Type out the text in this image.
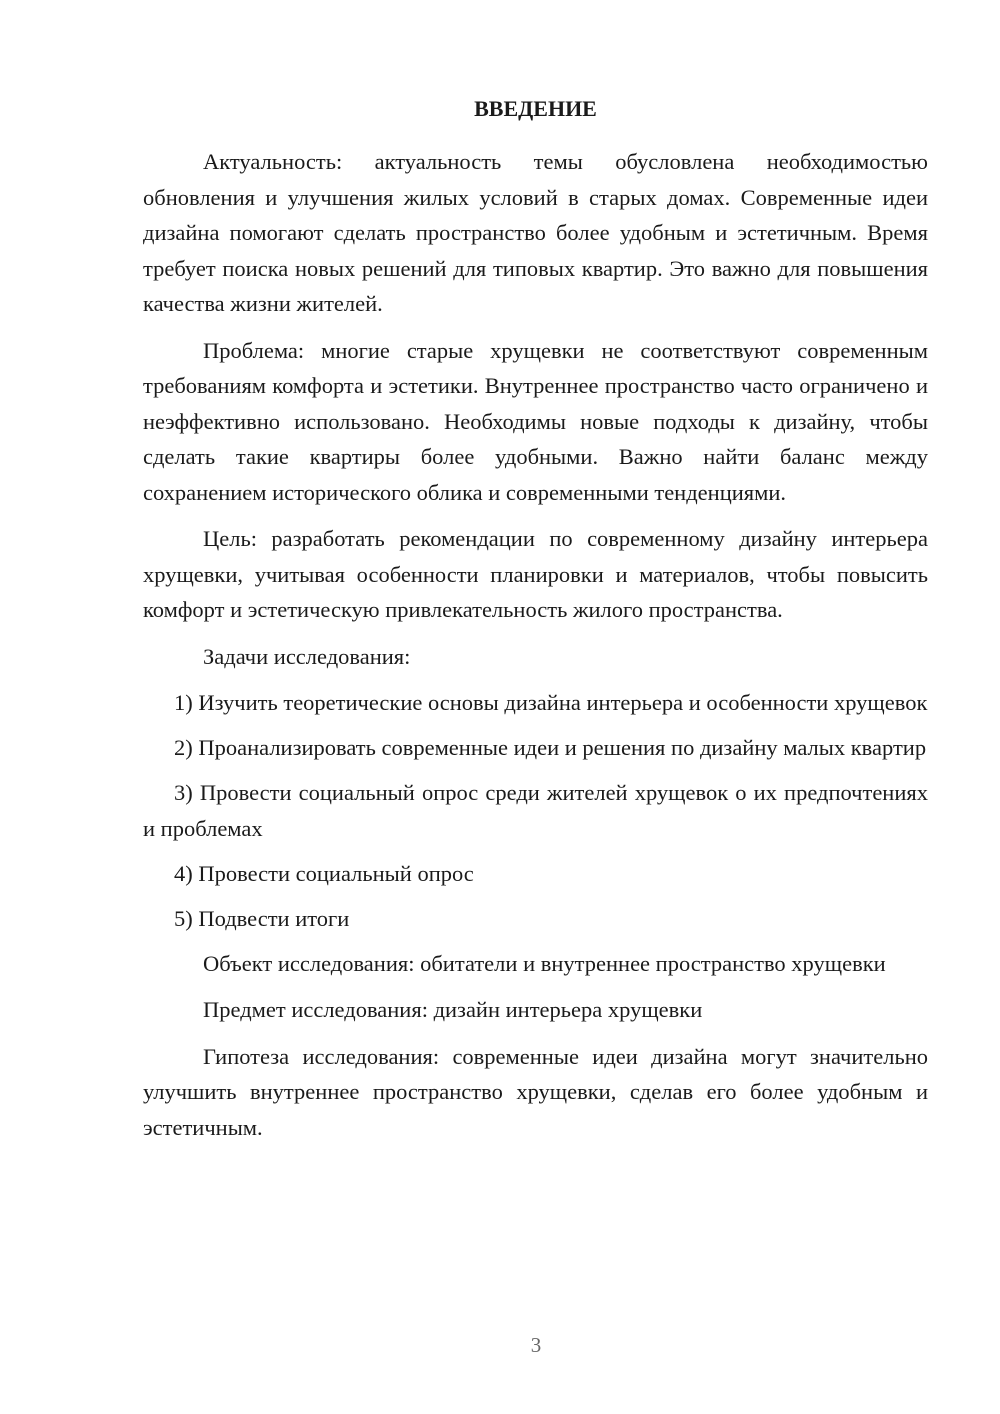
ВВЕДЕНИЕ

Актуальность: актуальность темы обусловлена необходимостью обновления и улучшения жилых условий в старых домах. Современные идеи дизайна помогают сделать пространство более удобным и эстетичным. Время требует поиска новых решений для типовых квартир. Это важно для повышения качества жизни жителей.

Проблема: многие старые хрущевки не соответствуют современным требованиям комфорта и эстетики. Внутреннее пространство часто ограничено и неэффективно использовано. Необходимы новые подходы к дизайну, чтобы сделать такие квартиры более удобными. Важно найти баланс между сохранением исторического облика и современными тенденциями.

Цель: разработать рекомендации по современному дизайну интерьера хрущевки, учитывая особенности планировки и материалов, чтобы повысить комфорт и эстетическую привлекательность жилого пространства.

Задачи исследования:

1) Изучить теоретические основы дизайна интерьера и особенности хрущевок

2) Проанализировать современные идеи и решения по дизайну малых квартир

3) Провести социальный опрос среди жителей хрущевок о их предпочтениях и проблемах

4) Провести социальный опрос

5) Подвести итоги

Объект исследования: обитатели и внутреннее пространство хрущевки

Предмет исследования: дизайн интерьера хрущевки

Гипотеза исследования: современные идеи дизайна могут значительно улучшить внутреннее пространство хрущевки, сделав его более удобным и эстетичным.

3
